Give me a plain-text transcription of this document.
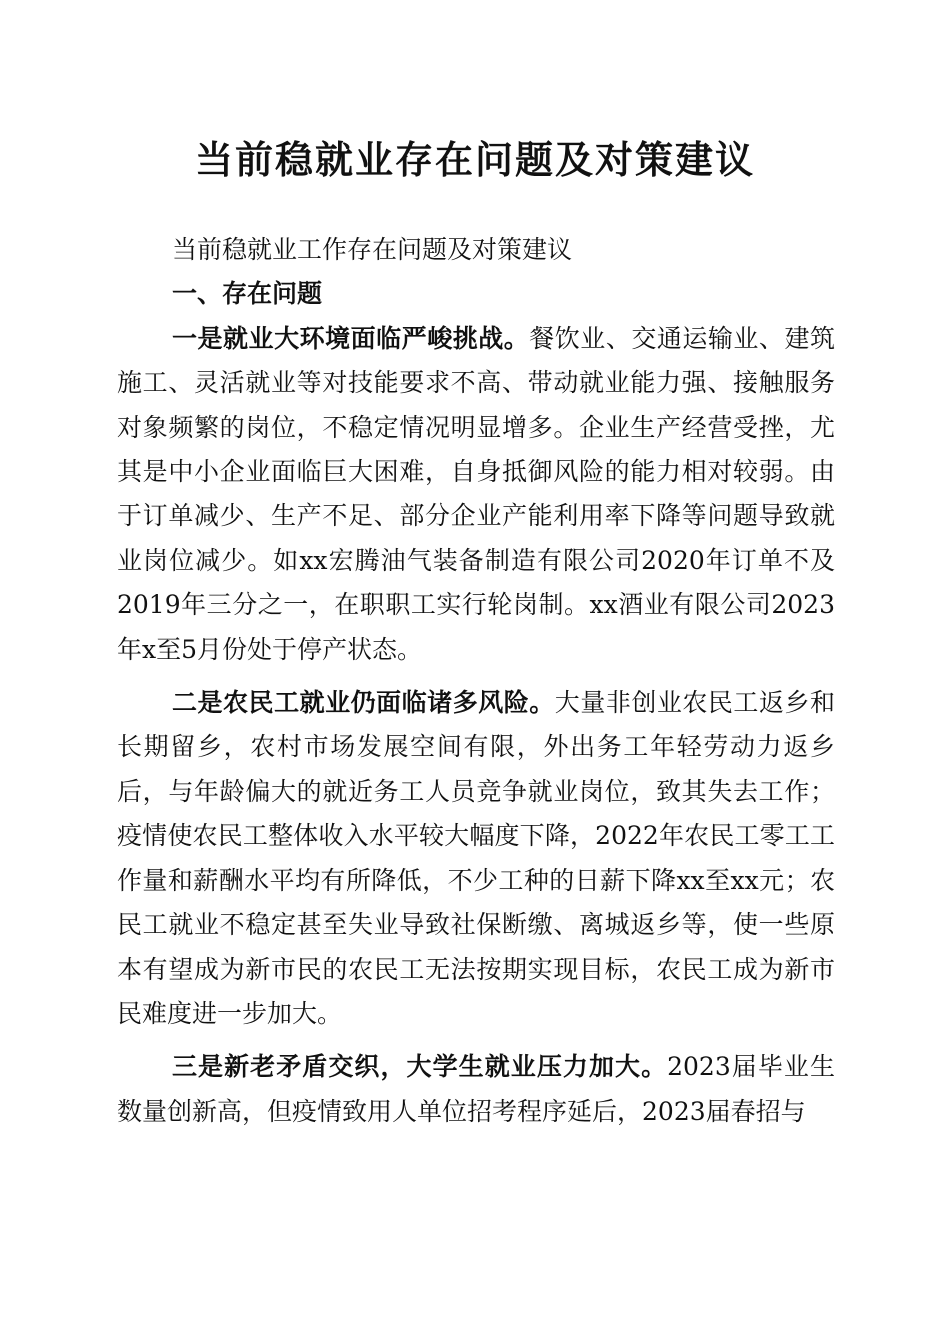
当前稳就业存在问题及对策建议

当前稳就业工作存在问题及对策建议

一、存在问题

一是就业大环境面临严峻挑战。餐饮业、交通运输业、建筑施工、灵活就业等对技能要求不高、带动就业能力强、接触服务对象频繁的岗位，不稳定情况明显增多。企业生产经营受挫，尤其是中小企业面临巨大困难，自身抵御风险的能力相对较弱。由于订单减少、生产不足、部分企业产能利用率下降等问题导致就业岗位减少。如xx宏腾油气装备制造有限公司2020年订单不及2019年三分之一，在职职工实行轮岗制。xx酒业有限公司2023年x至5月份处于停产状态。

二是农民工就业仍面临诸多风险。大量非创业农民工返乡和长期留乡，农村市场发展空间有限，外出务工年轻劳动力返乡后，与年龄偏大的就近务工人员竞争就业岗位，致其失去工作；疫情使农民工整体收入水平较大幅度下降，2022年农民工零工工作量和薪酬水平均有所降低，不少工种的日薪下降xx至xx元；农民工就业不稳定甚至失业导致社保断缴、离城返乡等，使一些原本有望成为新市民的农民工无法按期实现目标，农民工成为新市民难度进一步加大。

三是新老矛盾交织，大学生就业压力加大。2023届毕业生数量创新高，但疫情致用人单位招考程序延后，2023届春招与
